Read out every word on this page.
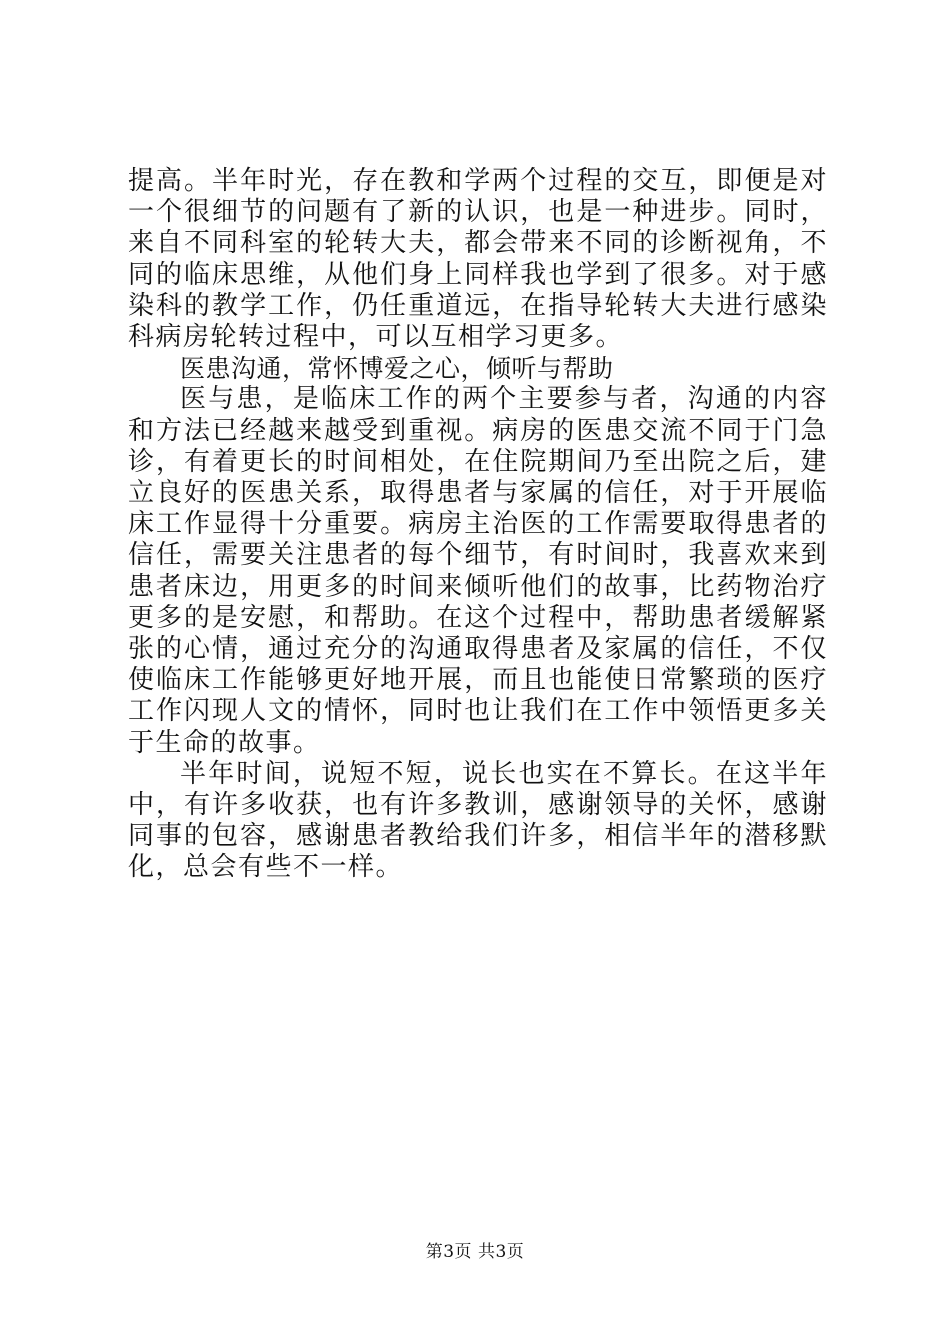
提高。半年时光，存在教和学两个过程的交互，即便是对一个很细节的问题有了新的认识，也是一种进步。同时，来自不同科室的轮转大夫，都会带来不同的诊断视角，不同的临床思维，从他们身上同样我也学到了很多。对于感染科的教学工作，仍任重道远，在指导轮转大夫进行感染科病房轮转过程中，可以互相学习更多。

医患沟通，常怀博爱之心，倾听与帮助

医与患，是临床工作的两个主要参与者，沟通的内容和方法已经越来越受到重视。病房的医患交流不同于门急诊，有着更长的时间相处，在住院期间乃至出院之后，建立良好的医患关系，取得患者与家属的信任，对于开展临床工作显得十分重要。病房主治医的工作需要取得患者的信任，需要关注患者的每个细节，有时间时，我喜欢来到患者床边，用更多的时间来倾听他们的故事，比药物治疗更多的是安慰，和帮助。在这个过程中，帮助患者缓解紧张的心情，通过充分的沟通取得患者及家属的信任，不仅使临床工作能够更好地开展，而且也能使日常繁琐的医疗工作闪现人文的情怀，同时也让我们在工作中领悟更多关于生命的故事。

半年时间，说短不短，说长也实在不算长。在这半年中，有许多收获，也有许多教训，感谢领导的关怀，感谢同事的包容，感谢患者教给我们许多，相信半年的潜移默化，总会有些不一样。

第3页 共3页
